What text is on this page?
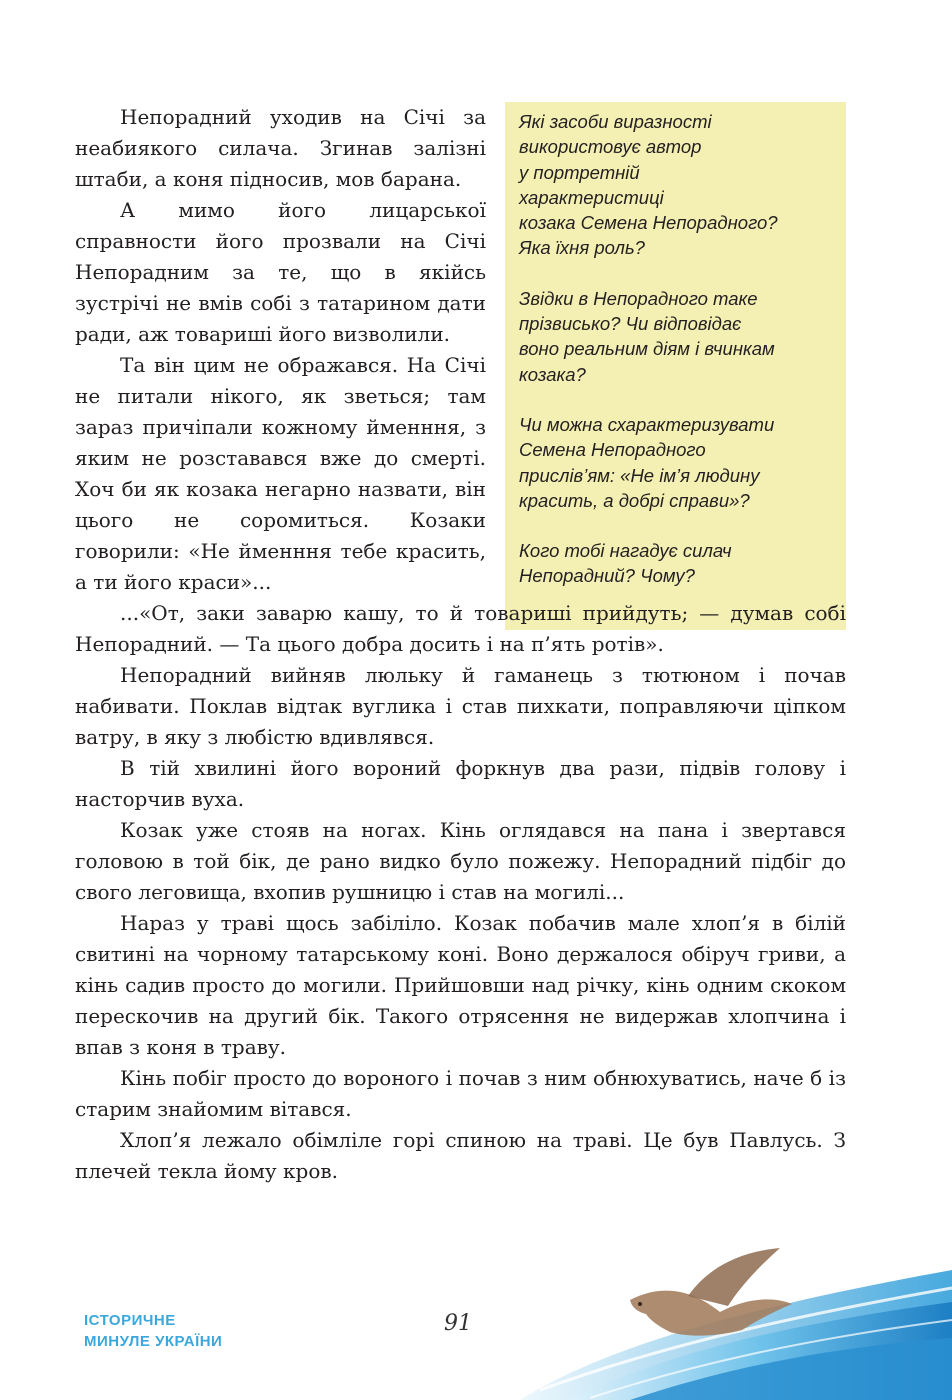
Які засоби виразності
використовує автор
у портретній
характеристиці
козака Семена Непорадного?
Яка їхня роль?

Звідки в Непорадного таке
прізвисько? Чи відповідає
воно реальним діям і вчинкам
козака?

Чи можна схарактеризувати
Семена Непорадного
прислів’ям: «Не ім’я людину
красить, а добрі справи»?

Кого тобі нагадує силач
Непорадний? Чому?

Непорадний уходив на Січі за неабиякого силача. Згинав залізні штаби, а коня підносив, мов барана.

А мимо його лицарської справности його прозвали на Січі Непорадним за те, що в якійсь зустрічі не вмів собі з татарином дати ради, аж товариші його визволили.

Та він цим не ображався. На Січі не питали нікого, як зветься; там зараз причіпали кожному йменння, з яким не розставався вже до смерті. Хоч би як козака негарно назвати, він цього не соромиться. Козаки говорили: «Не йменння тебе красить, а ти його краси»...

...«От, заки заварю кашу, то й товариші прийдуть; — думав собі Непорадний. — Та цього добра досить і на п’ять ротів».

Непорадний вийняв люльку й гаманець з тютюном і почав набивати. Поклав відтак вуглика і став пихкати, поправляючи ціпком ватру, в яку з любістю вдивлявся.

В тій хвилині його вороний форкнув два рази, підвів голову і насторчив вуха.

Козак уже стояв на ногах. Кінь оглядався на пана і звертався головою в той бік, де рано видко було пожежу. Непорадний підбіг до свого леговища, вхопив рушницю і став на могилі...

Нараз у траві щось забіліло. Козак побачив мале хлоп’я в білій свитині на чорному татарському коні. Воно держалося обіруч гриви, а кінь садив просто до могили. Прийшовши над річку, кінь одним скоком перескочив на другий бік. Такого отрясення не видержав хлопчина і впав з коня в траву.

Кінь побіг просто до вороного і почав з ним обнюхуватись, наче б із старим знайомим вітався.

Хлоп’я лежало обімліле горі спиною на траві. Це був Павлусь. З плечей текла йому кров.

ІСТОРИЧНЕ
МИНУЛЕ УКРАЇНИ
91
